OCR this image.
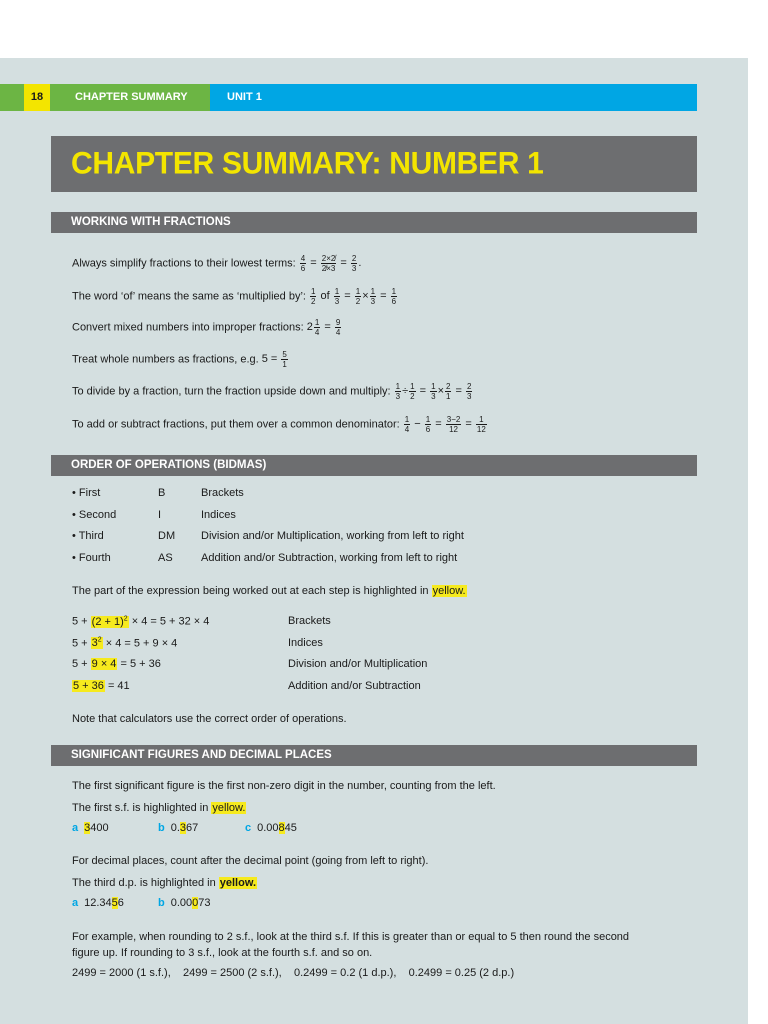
18	CHAPTER SUMMARY	UNIT 1
CHAPTER SUMMARY: NUMBER 1
WORKING WITH FRACTIONS
Always simplify fractions to their lowest terms: $\frac{4}{6} = \frac{2\times 2̸}{2̸\times 3} = \frac{2}{3}$ .
The word ‘of’ means the same as ‘multiplied by’: $\frac{1}{2}$ of $\frac{1}{3} = \frac{1}{2} \times \frac{1}{3} = \frac{1}{6}$
Convert mixed numbers into improper fractions: $2 \frac{1}{4} = \frac{9}{4}$
Treat whole numbers as fractions, e.g. $5 = \frac{5}{1}$
To divide by a fraction, turn the fraction upside down and multiply: $\frac{1}{3} \div \frac{1}{2} = \frac{1}{3} \times \frac{2}{1} = \frac{2}{3}$
To add or subtract fractions, put them over a common denominator: $\frac{1}{4} - \frac{1}{6} = \frac{3-2}{12} = \frac{1}{12}$
ORDER OF OPERATIONS (BIDMAS)
• First	B	Brackets
• Second	I	Indices
• Third	DM Division and/or Multiplication, working from left to right
• Fourth	AS	Addition and/or Subtraction, working from left to right
The part of the expression being worked out at each step is highlighted in yellow.
$5 + (2 + 1)^2 \times 4 = 5 + 32 \times 4$	Brackets
$5 + 3^2 \times 4 = 5 + 9 \times 4$	Indices
5 + 9 × 4 = 5 + 36	Division and/or Multiplication
5 + 36 = 41	Addition and/or Subtraction
Note that calculators use the correct order of operations.
SIGNIFICANT FIGURES AND DECIMAL PLACES
The first significant figure is the first non-zero digit in the number, counting from the left.
The first s.f. is highlighted in yellow.
a 3400	b 0.367	c 0.00845
For decimal places, count after the decimal point (going from left to right).
The third d.p. is highlighted in yellow.
a 12.3456	b 0.00073
For example, when rounding to 2 s.f., look at the third s.f. If this is greater than or equal to 5 then round the second
figure up. If rounding to 3 s.f., look at the fourth s.f. and so on.
2499 = 2000 (1 s.f.),    2499 = 2500 (2 s.f.),    0.2499 = 0.2 (1 d.p.),    0.2499 = 0.25 (2 d.p.)
